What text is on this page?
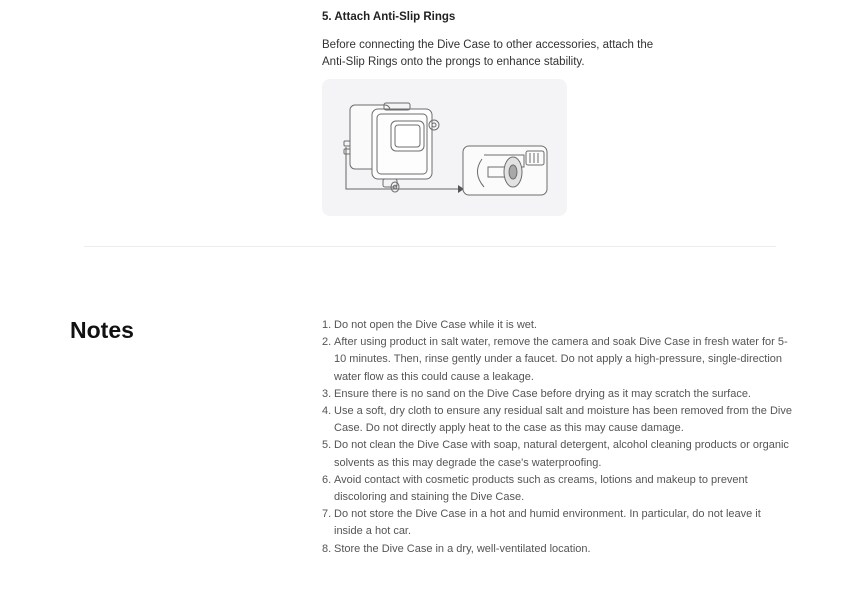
5. Attach Anti-Slip Rings
Before connecting the Dive Case to other accessories, attach the Anti-Slip Rings onto the prongs to enhance stability.
Notes	1. Do not open the Dive Case while it is wet.
2. After using product in salt water, remove the camera and soak Dive Case in fresh water for 5-10 minutes. Then, rinse gently under a faucet. Do not apply a high-pressure, single-direction water flow as this could cause a leakage.
3. Ensure there is no sand on the Dive Case before drying as it may scratch the surface.
4. Use a soft, dry cloth to ensure any residual salt and moisture has been removed from the Dive Case. Do not directly apply heat to the case as this may cause damage.
5. Do not clean the Dive Case with soap, natural detergent, alcohol cleaning products or organic solvents as this may degrade the case's waterproofing.
6. Avoid contact with cosmetic products such as creams, lotions and makeup to prevent discoloring and staining the Dive Case.
7. Do not store the Dive Case in a hot and humid environment. In particular, do not leave it inside a hot car.
8. Store the Dive Case in a dry, well-ventilated location.
